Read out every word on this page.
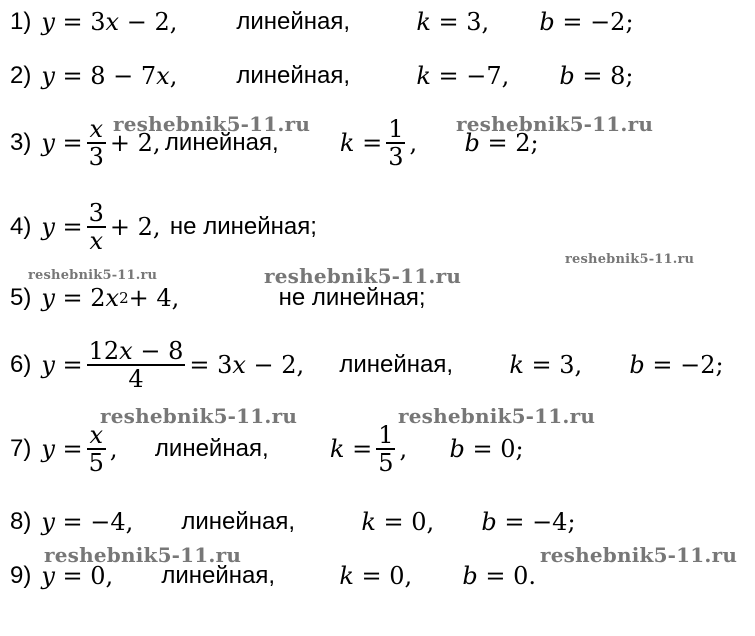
1) 𝑦 = 3𝑥 − 2,	линейная,	𝑘 = 3,	𝑏 = −2;
2) 𝑦 = 8 − 7𝑥,	линейная,	𝑘 = −7,	𝑏 = 8;
3) 𝑦 = $\frac{\text{𝑥}}{3} + 2$, линейная,	𝑘 = $\frac{1}{3}$ ,	𝑏 = 2;
4) 𝑦 = $\frac{3}{\text{𝑥}} + 2$, не линейная;
5) 𝑦 = 2𝑥 2 + 4,	не линейная;
6) 𝑦 = $\frac{\text{12𝑥 − 8}}{4}$ = 3𝑥 − 2,	линейная,	𝑘 = 3,	𝑏 = −2;
7) 𝑦 = $\frac{\text{𝑥}}{5}$ ,	линейная,	𝑘 = $\frac{1}{5}$ ,	𝑏 = 0;
8) 𝑦 = −4,	линейная,	𝑘 = 0,	𝑏 = −4;
9) 𝑦 = 0,	линейная,	𝑘 = 0,	𝑏 = 0.
reshebnik5-11.ru	reshebnik5-11.ru
reshebnik5-11.ru
reshebnik5-11.ru	reshebnik5-11.ru
reshebnik5-11.ru	reshebnik5-11.ru
reshebnik5-11.ru	reshebnik5-11.ru
